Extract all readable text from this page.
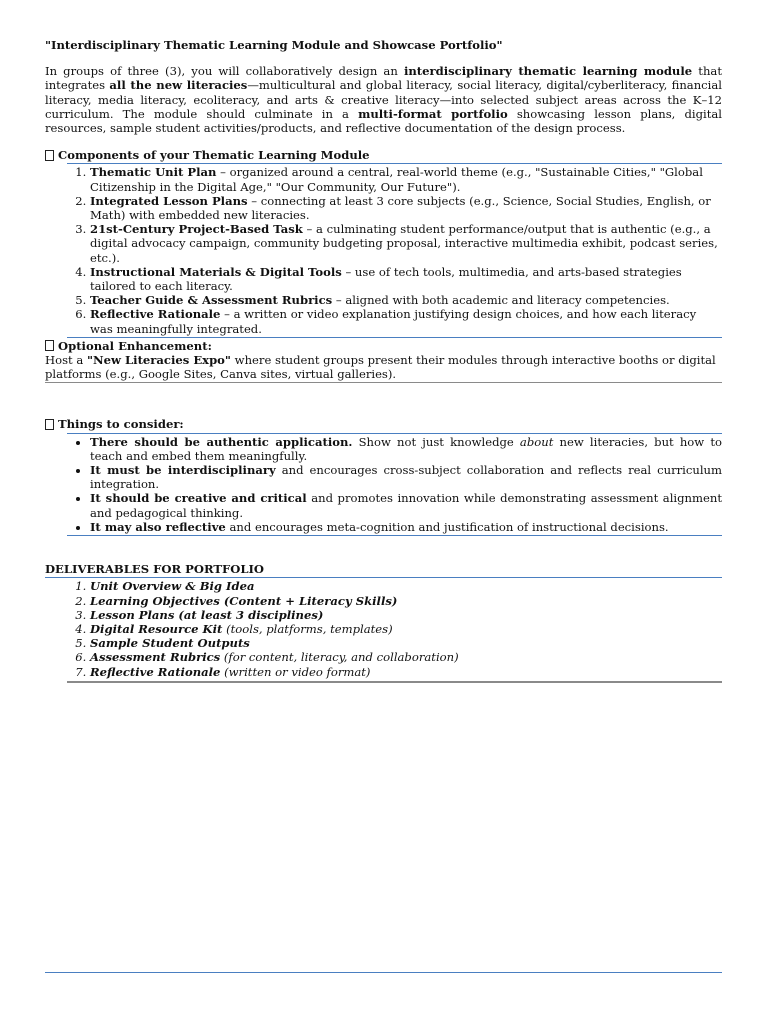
"Interdisciplinary Thematic Learning Module and Showcase Portfolio"

In groups of three (3), you will collaboratively design an interdisciplinary thematic learning module that integrates all the new literacies—multicultural and global literacy, social literacy, digital/cyberliteracy, financial literacy, media literacy, ecoliteracy, and arts & creative literacy—into selected subject areas across the K–12 curriculum. The module should culminate in a multi-format portfolio showcasing lesson plans, digital resources, sample student activities/products, and reflective documentation of the design process.

Components of your Thematic Learning Module
1. Thematic Unit Plan – organized around a central, real-world theme (e.g., "Sustainable Cities," "Global Citizenship in the Digital Age," "Our Community, Our Future").
2. Integrated Lesson Plans – connecting at least 3 core subjects (e.g., Science, Social Studies, English, or Math) with embedded new literacies.
3. 21st-Century Project-Based Task – a culminating student performance/output that is authentic (e.g., a digital advocacy campaign, community budgeting proposal, interactive multimedia exhibit, podcast series, etc.).
4. Instructional Materials & Digital Tools – use of tech tools, multimedia, and arts-based strategies tailored to each literacy.
5. Teacher Guide & Assessment Rubrics – aligned with both academic and literacy competencies.
6. Reflective Rationale – a written or video explanation justifying design choices, and how each literacy was meaningfully integrated.
Optional Enhancement:

Host a "New Literacies Expo" where student groups present their modules through interactive booths or digital platforms (e.g., Google Sites, Canva sites, virtual galleries).

Things to consider:
• There should be authentic application. Show not just knowledge about new literacies, but how to teach and embed them meaningfully.
• It must be interdisciplinary and encourages cross-subject collaboration and reflects real curriculum integration.
• It should be creative and critical and promotes innovation while demonstrating assessment alignment and pedagogical thinking.
• It may also reflective and encourages meta-cognition and justification of instructional decisions.

DELIVERABLES FOR PORTFOLIO

1. Unit Overview & Big Idea
2. Learning Objectives (Content + Literacy Skills)
3. Lesson Plans (at least 3 disciplines)
4. Digital Resource Kit (tools, platforms, templates)
5. Sample Student Outputs
6. Assessment Rubrics (for content, literacy, and collaboration)
7. Reflective Rationale (written or video format)
